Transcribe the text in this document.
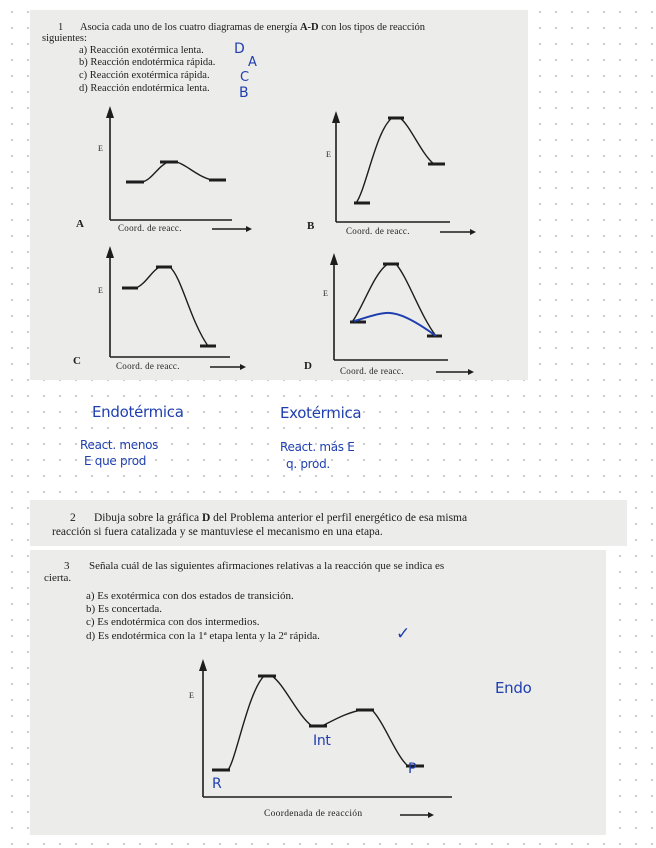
1 Asocia cada uno de los cuatro diagramas de energía A-D con los tipos de reacción
siguientes:
a) Reacción exotérmica lenta.
b) Reacción endotérmica rápida.
c) Reacción exotérmica rápida.
d) Reacción endotérmica lenta.
D
A
C
B
E
A	Coord. de reacc.
E
B	Coord. de reacc.
E
C	Coord. de reacc.
E
D	Coord. de reacc.
Endotérmica
React. menos
E que prod
Exotérmica
React. más E
q. prod.
2 Dibuja sobre la gráfica D del Problema anterior el perfil energético de esa misma
reacción si fuera catalizada y se mantuviese el mecanismo en una etapa.
3 Señala cuál de las siguientes afirmaciones relativas a la reacción que se indica es
cierta.
a) Es exotérmica con dos estados de transición.
b) Es concertada.
c) Es endotérmica con dos intermedios.
d) Es endotérmica con la 1ª etapa lenta y la 2ª rápida.	✓
E
Coordenada de reacción
R
Int
P
Endo
